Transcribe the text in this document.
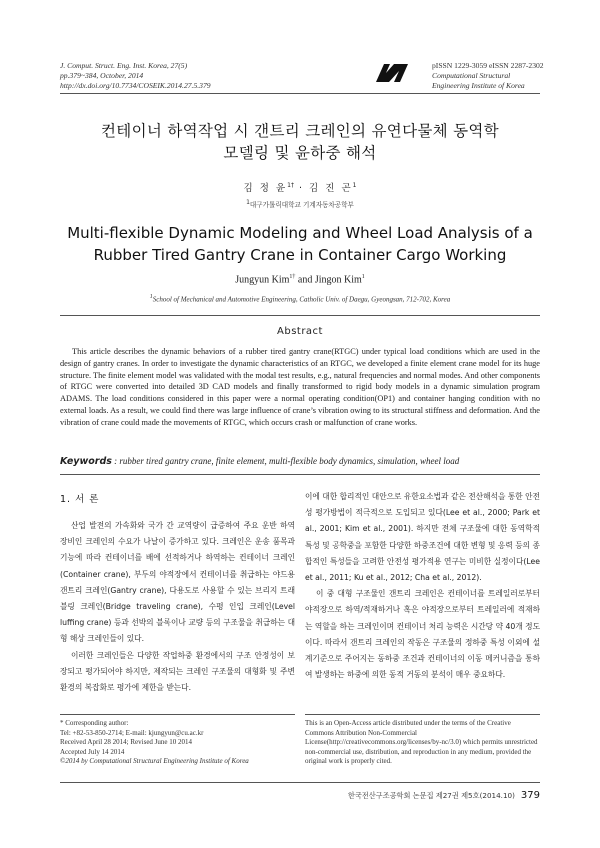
J. Comput. Struct. Eng. Inst. Korea, 27(5)
pp.379~384, October, 2014
http://dx.doi.org/10.7734/COSEIK.2014.27.5.379
pISSN 1229-3059 eISSN 2287-2302
Computational Structural
Engineering Institute of Korea
컨테이너 하역작업 시 갠트리 크레인의 유연다물체 동역학
모델링 및 윤하중 해석
김 정 윤$^{1\dagger}$ · 김 진 곤$^1$
1대구가톨릭대학교 기계자동차공학부
Multi-flexible Dynamic Modeling and Wheel Load Analysis of a
Rubber Tired Gantry Crane in Container Cargo Working
Jungyun Kim$^{1\dagger}$ and Jingon Kim$^1$
1School of Mechanical and Automotive Engineering, Catholic Univ. of Daegu, Gyeongsan, 712-702, Korea
Abstract
This article describes the dynamic behaviors of a rubber tired gantry crane(RTGC) under typical load conditions which are used in the design of gantry cranes. In order to investigate the dynamic characteristics of an RTGC, we developed a finite element crane model for its huge structure. The finite element model was validated with the modal test results, e.g., natural frequencies and normal modes. And other components of RTGC were converted into detailed 3D CAD models and finally transformed to rigid body models in a dynamic simulation program ADAMS. The load conditions considered in this paper were a normal operating condition(OP1) and container hanging condition with no external loads. As a result, we could find there was large influence of crane’s vibration owing to its structural stiffness and deformation. And the vibration of crane could made the movements of RTGC, which occurs crash or malfunction of crane works.
Keywords : rubber tired gantry crane, finite element, multi-flexible body dynamics, simulation, wheel load
1. 서 론

산업 발전의 가속화와 국가 간 교역량이 급증하여 주요 운반 하역 장비인 크레인의 수요가 나날이 증가하고 있다. 크레인은 운송 품목과 기능에 따라 컨테이너를 배에 선적하거나 하역하는 컨테이너 크레인(Container crane), 부두의 야적장에서 컨테이너를 취급하는 야드용 갠트리 크레인(Gantry crane), 다용도로 사용할 수 있는 브리지 트래블링 크레인(Bridge traveling crane), 수평 인입 크레인(Level luffing crane) 등과 선박의 블록이나 교량 등의 구조물을 취급하는 대형 해상 크레인들이 있다.

이러한 크레인들은 다양한 작업하중 환경에서의 구조 안정성이 보장되고 평가되어야 하지만, 제작되는 크레인 구조물의 대형화 및 주변 환경의 복잡화로 평가에 제한을 받는다.

이에 대한 합리적인 대안으로 유한요소법과 같은 전산해석을 통한 안전성 평가방법이 적극적으로 도입되고 있다(Lee et al., 2000; Park et al., 2001; Kim et al., 2001). 하지만 전체 구조물에 대한 동역학적 특성 및 공학중을 포함한 다양한 하중조건에 대한 변형 및 응력 등의 종합적인 특성들을 고려한 안전성 평가적용 연구는 미비한 실정이다(Lee et al., 2011; Ku et al., 2012; Cha et al., 2012).

이 중 대형 구조물인 갠트리 크레인은 컨테이너를 트레일러로부터 야적장으로 하역/적재하거나 혹은 야적장으로부터 트레일러에 적재하는 역할을 하는 크레인이며 컨테이너 처리 능력은 시간당 약 40개 정도이다. 따라서 갠트리 크레인의 작동은 구조물의 정하중 특성 이외에 설계기준으로 주어지는 동하중 조건과 컨테이너의 이동 메커니즘을 통하여 발생하는 하중에 의한 동적 거동의 분석이 매우 중요하다.

* Corresponding author:
Tel: +82-53-850-2714; E-mail: kjungyun@cu.ac.kr
Received April 28 2014; Revised June 10 2014
Accepted July 14 2014
©2014 by Computational Structural Engineering Institute of Korea
This is an Open-Access article distributed under the terms of the Creative Commons Attribution Non-Commercial License(http://creativecommons.org/licenses/by-nc/3.0) which permits unrestricted non-commercial use, distribution, and reproduction in any medium, provided the original work is properly cited.
한국전산구조공학회 논문집 제27권 제5호(2014.10) 379
